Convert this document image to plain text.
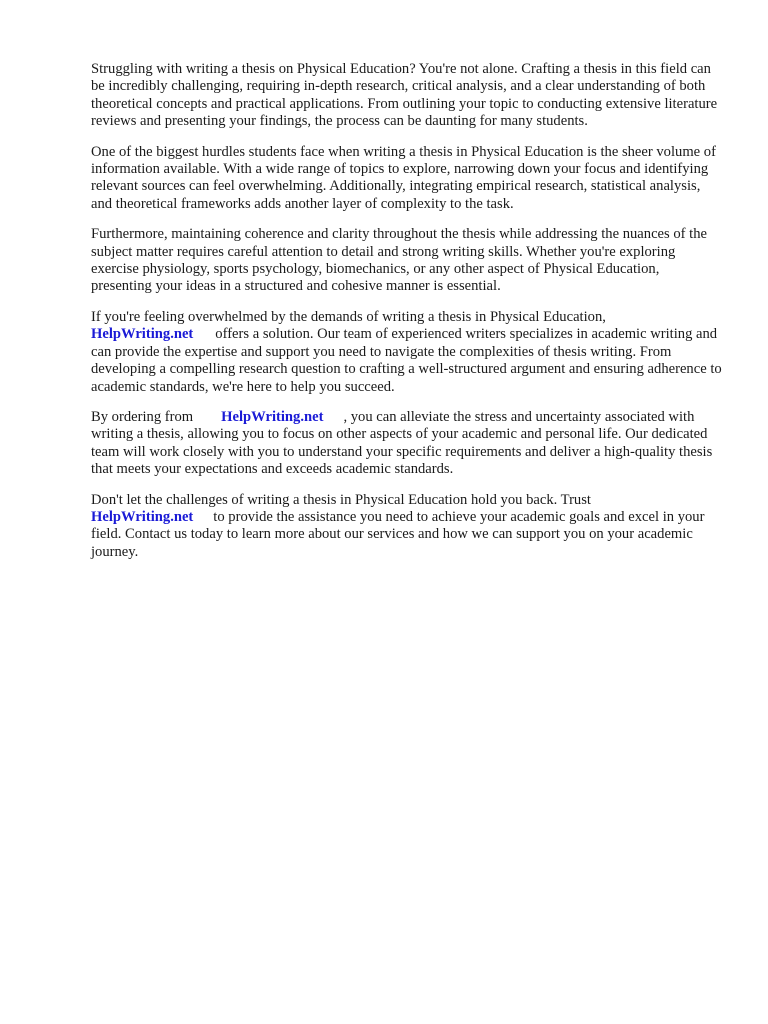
Struggling with writing a thesis on Physical Education? You're not alone. Crafting a thesis in this field can be incredibly challenging, requiring in-depth research, critical analysis, and a clear understanding of both theoretical concepts and practical applications. From outlining your topic to conducting extensive literature reviews and presenting your findings, the process can be daunting for many students.

One of the biggest hurdles students face when writing a thesis in Physical Education is the sheer volume of information available. With a wide range of topics to explore, narrowing down your focus and identifying relevant sources can feel overwhelming. Additionally, integrating empirical research, statistical analysis, and theoretical frameworks adds another layer of complexity to the task.

Furthermore, maintaining coherence and clarity throughout the thesis while addressing the nuances of the subject matter requires careful attention to detail and strong writing skills. Whether you're exploring exercise physiology, sports psychology, biomechanics, or any other aspect of Physical Education, presenting your ideas in a structured and cohesive manner is essential.

If you're feeling overwhelmed by the demands of writing a thesis in Physical Education,
HelpWriting.net offers a solution. Our team of experienced writers specializes in academic writing and can provide the expertise and support you need to navigate the complexities of thesis writing. From developing a compelling research question to crafting a well-structured argument and ensuring adherence to academic standards, we're here to help you succeed.

By ordering from HelpWriting.net , you can alleviate the stress and uncertainty associated with writing a thesis, allowing you to focus on other aspects of your academic and personal life. Our dedicated team will work closely with you to understand your specific requirements and deliver a high-quality thesis that meets your expectations and exceeds academic standards.

Don't let the challenges of writing a thesis in Physical Education hold you back. Trust
HelpWriting.net to provide the assistance you need to achieve your academic goals and excel in your field. Contact us today to learn more about our services and how we can support you on your academic journey.
